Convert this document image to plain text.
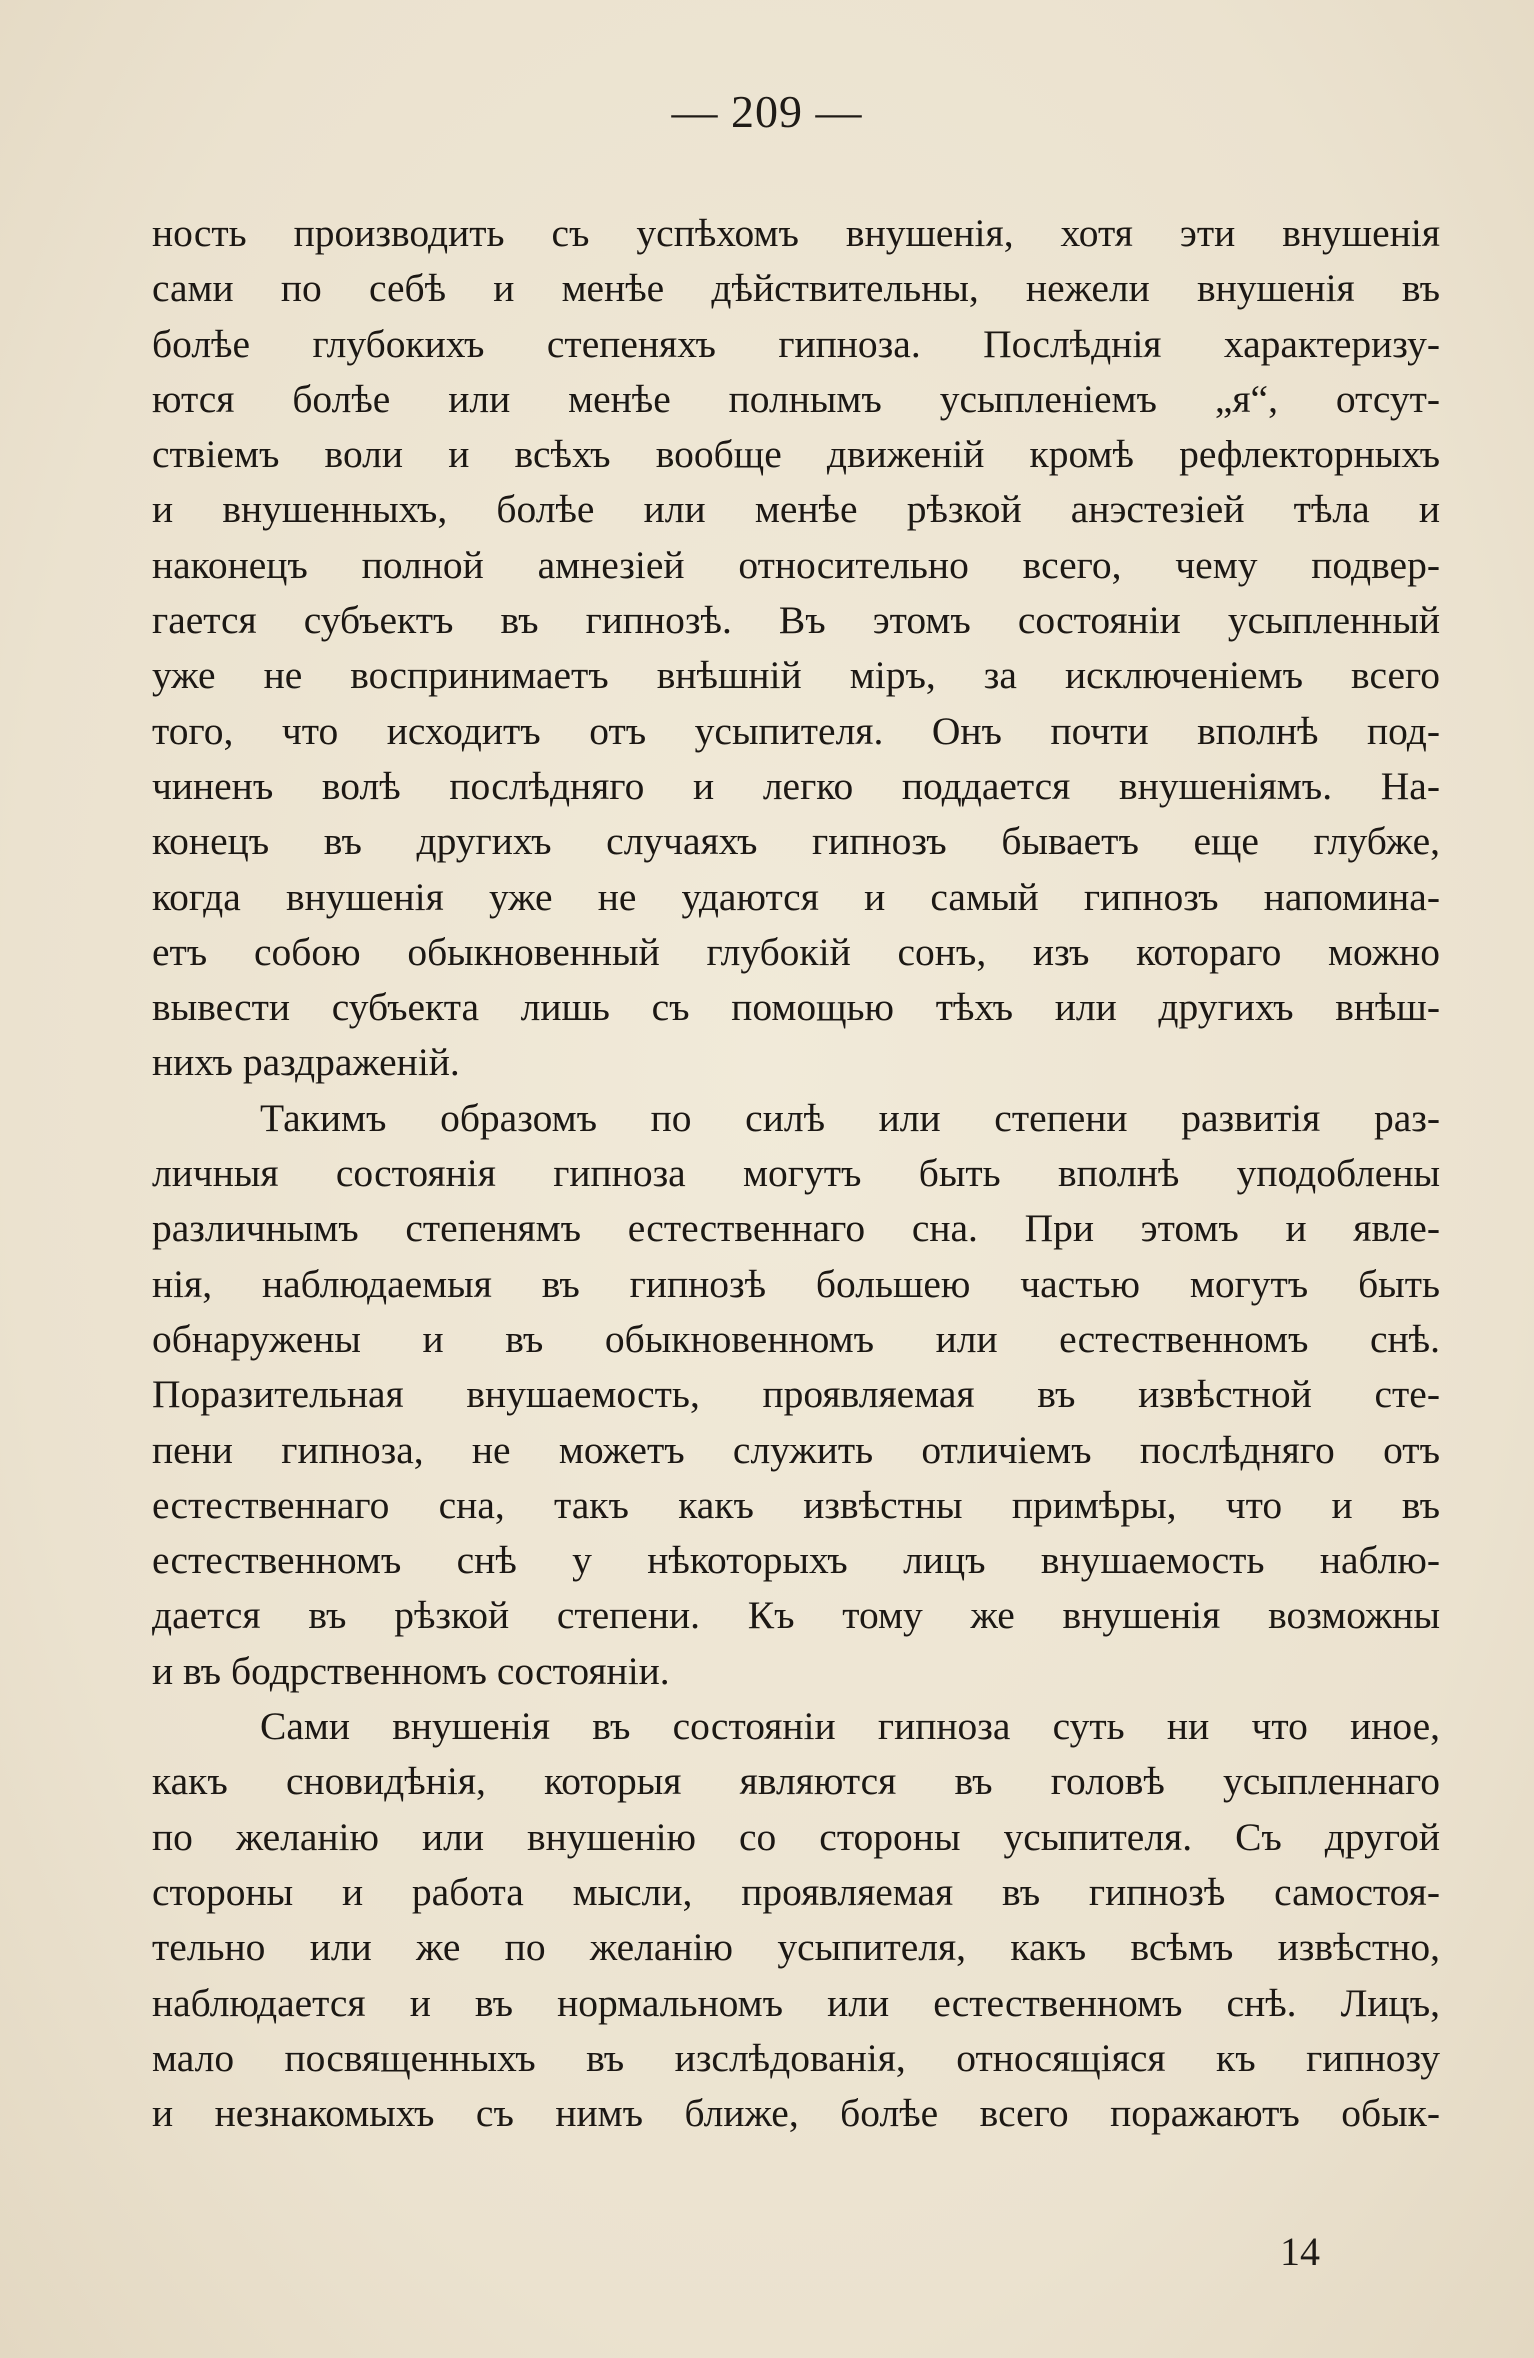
— 209 —
ность производить съ успѣхомъ внушенія, хотя эти внушенія
сами по себѣ и менѣе дѣйствительны, нежели внушенія въ
болѣе глубокихъ степеняхъ гипноза. Послѣднія характеризу-
ются болѣе или менѣе полнымъ усыпленіемъ „я“, отсут-
ствіемъ воли и всѣхъ вообще движеній кромѣ рефлекторныхъ
и внушенныхъ, болѣе или менѣе рѣзкой анэстезіей тѣла и
наконецъ полной амнезіей относительно всего, чему подвер-
гается субъектъ въ гипнозѣ. Въ этомъ состояніи усыпленный
уже не воспринимаетъ внѣшній міръ, за исключеніемъ всего
того, что исходитъ отъ усыпителя. Онъ почти вполнѣ под-
чиненъ волѣ послѣдняго и легко поддается внушеніямъ. На-
конецъ въ другихъ случаяхъ гипнозъ бываетъ еще глубже,
когда внушенія уже не удаются и самый гипнозъ напомина-
етъ собою обыкновенный глубокій сонъ, изъ котораго можно
вывести субъекта лишь съ помощью тѣхъ или другихъ внѣш-
нихъ раздраженій.
Такимъ образомъ по силѣ или степени развитія раз-
личныя состоянія гипноза могутъ быть вполнѣ уподоблены
различнымъ степенямъ естественнаго сна. При этомъ и явле-
нія, наблюдаемыя въ гипнозѣ большею частью могутъ быть
обнаружены и въ обыкновенномъ или естественномъ снѣ.
Поразительная внушаемость, проявляемая въ извѣстной сте-
пени гипноза, не можетъ служить отличіемъ послѣдняго отъ
естественнаго сна, такъ какъ извѣстны примѣры, что и въ
естественномъ снѣ у нѣкоторыхъ лицъ внушаемость наблю-
дается въ рѣзкой степени. Къ тому же внушенія возможны
и въ бодрственномъ состояніи.
Сами внушенія въ состояніи гипноза суть ни что иное,
какъ сновидѣнія, которыя являются въ головѣ усыпленнаго
по желанію или внушенію со стороны усыпителя. Съ другой
стороны и работа мысли, проявляемая въ гипнозѣ самостоя-
тельно или же по желанію усыпителя, какъ всѣмъ извѣстно,
наблюдается и въ нормальномъ или естественномъ снѣ. Лицъ,
мало посвященныхъ въ изслѣдованія, относящіяся къ гипнозу
и незнакомыхъ съ нимъ ближе, болѣе всего поражаютъ обык-
14
